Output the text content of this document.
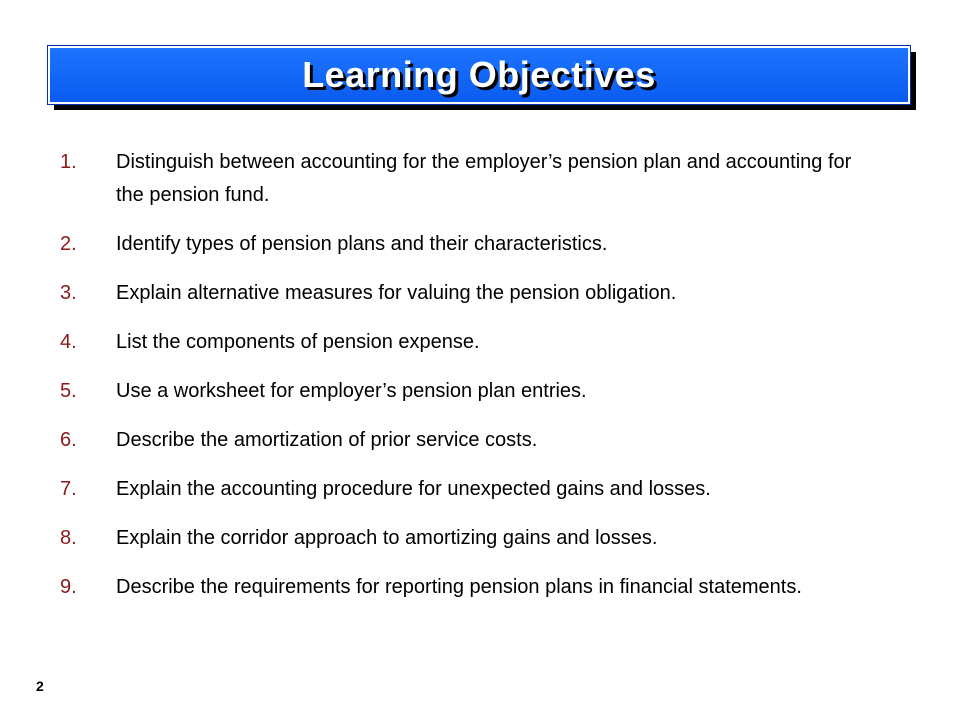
Learning Objectives
1.	Distinguish between accounting for the employer’s pension plan and accounting for the pension fund.
2.	Identify types of pension plans and their characteristics.
3.	Explain alternative measures for valuing the pension obligation.
4.	List the components of pension expense.
5.	Use a worksheet for employer’s pension plan entries.
6.	Describe the amortization of prior service costs.
7.	Explain the accounting procedure for unexpected gains and losses.
8.	Explain the corridor approach to amortizing gains and losses.
9.	Describe the requirements for reporting pension plans in financial statements.
2
